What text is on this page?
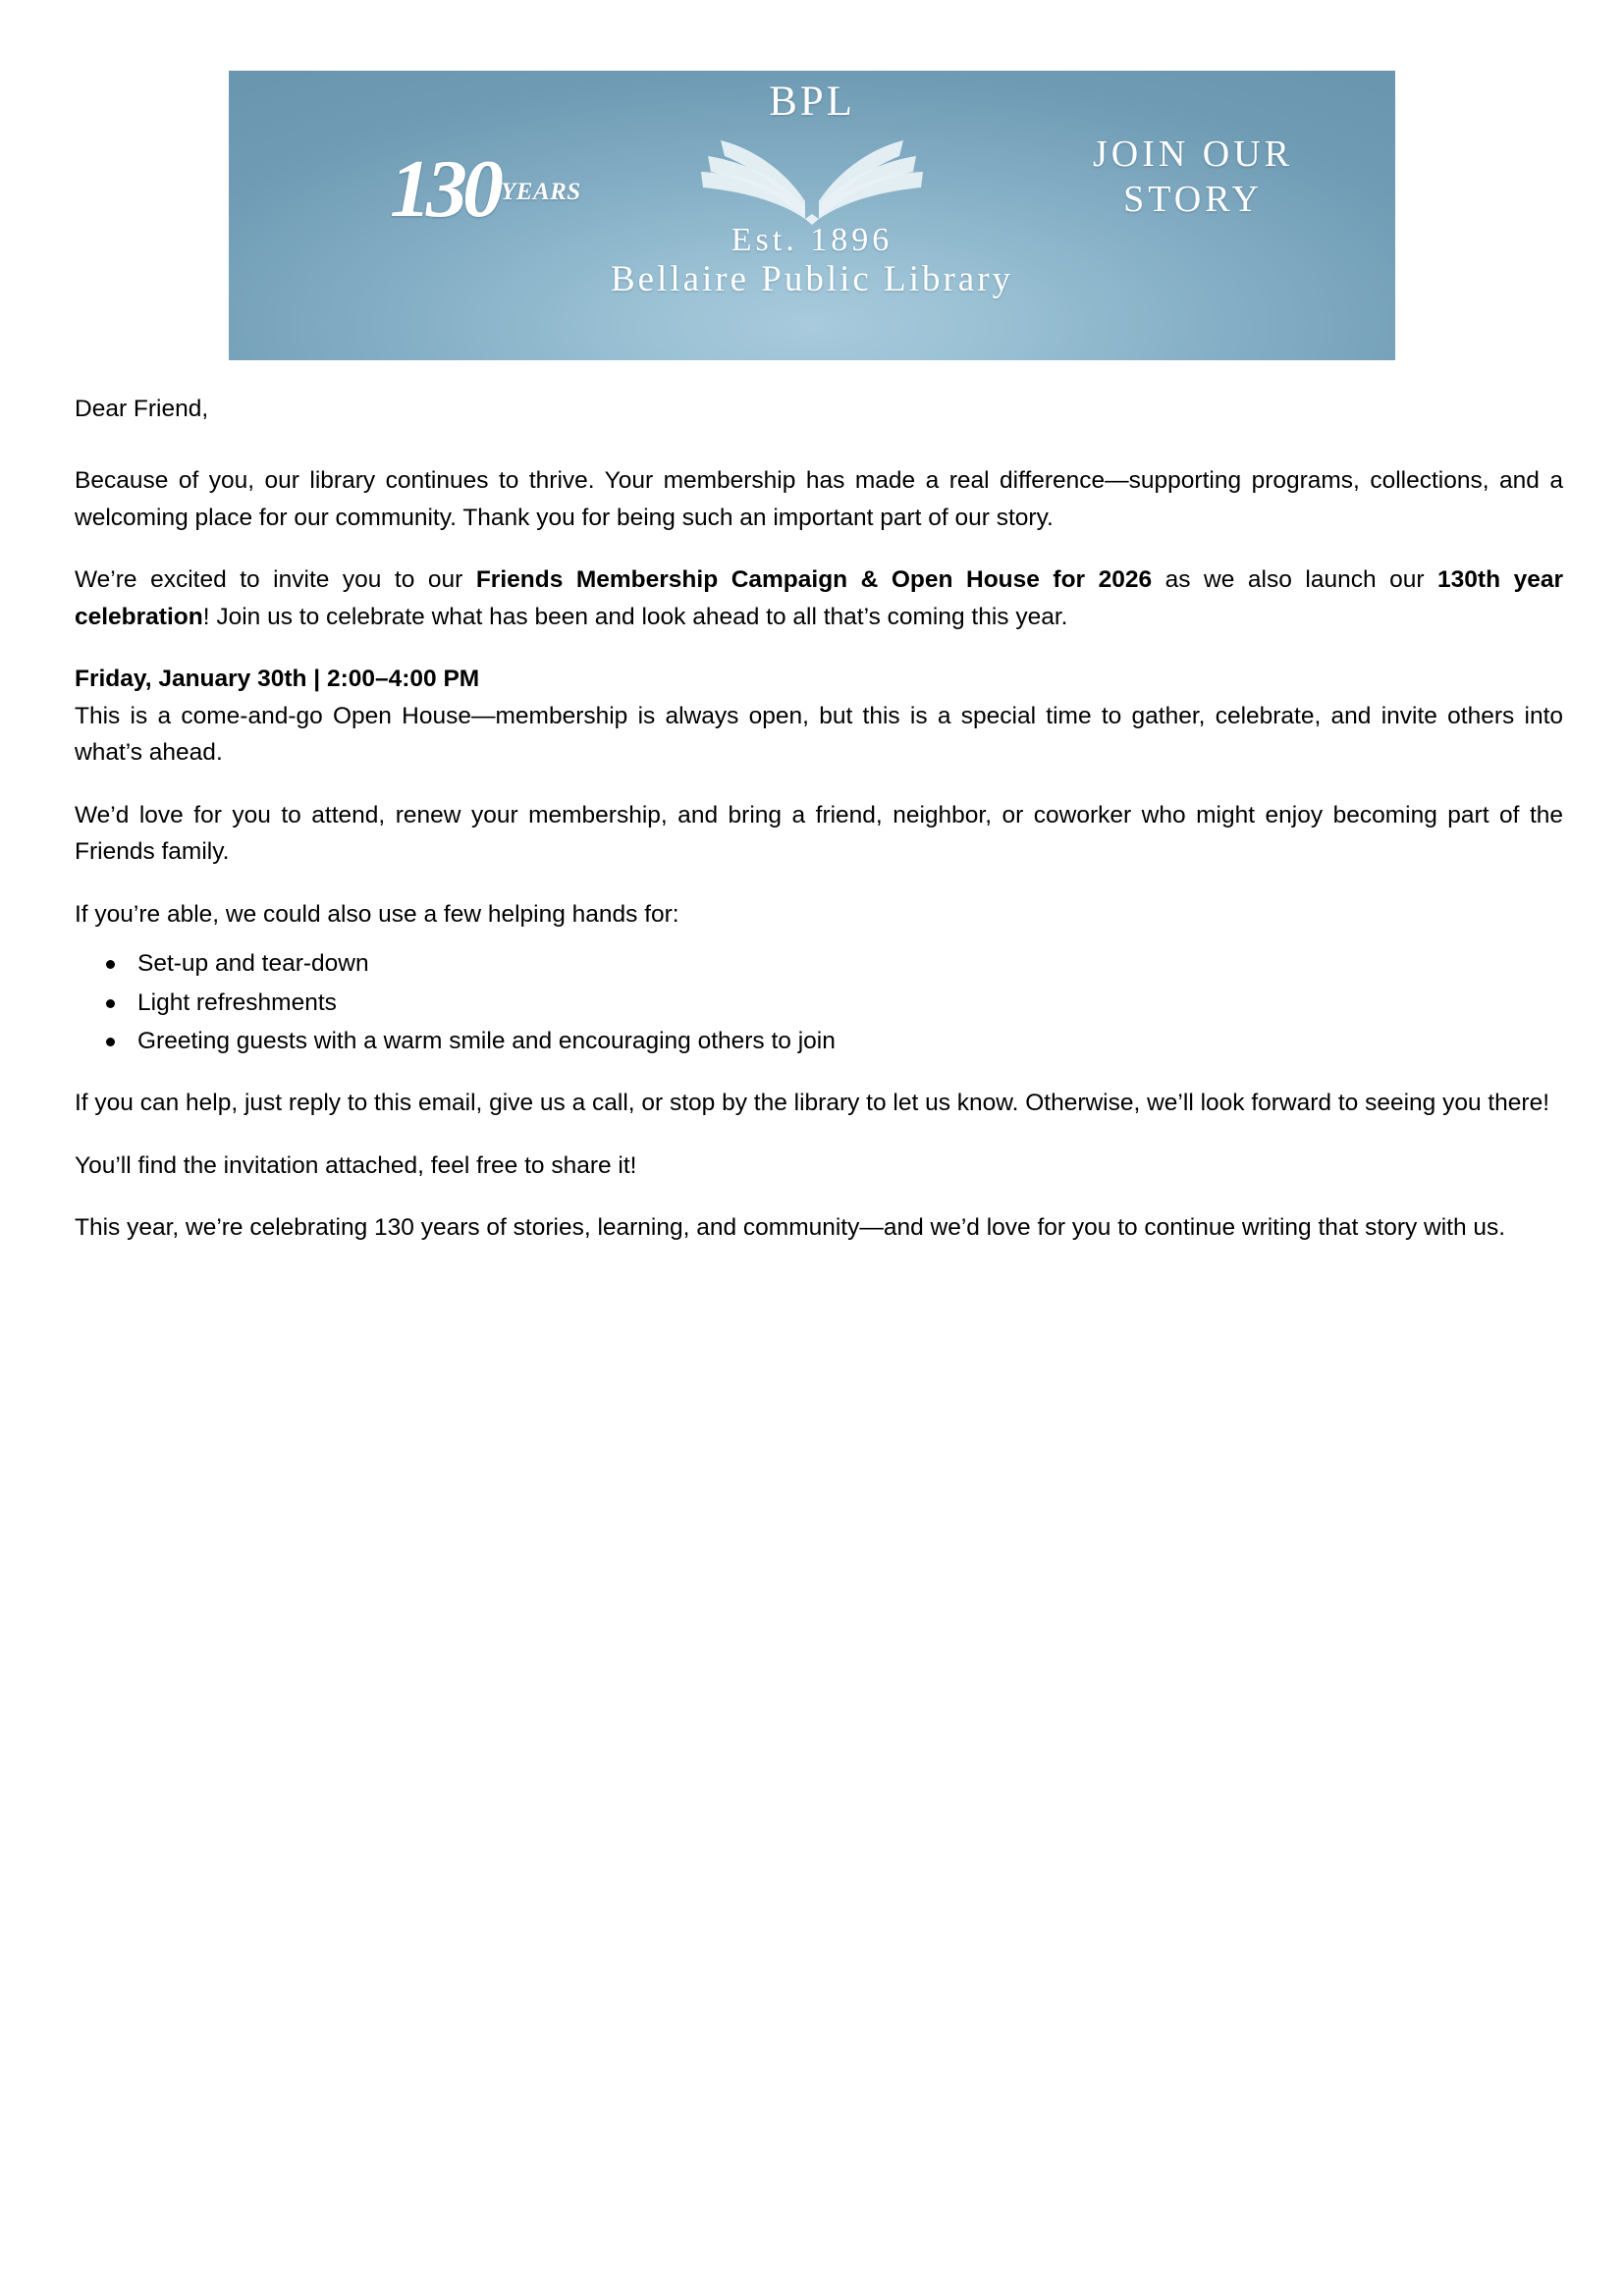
130 YEARS
BPL
Est. 1896
Bellaire Public Library
JOIN OUR
STORY

Dear Friend,

Because of you, our library continues to thrive. Your membership has made a real difference—supporting programs, collections, and a welcoming place for our community. Thank you for being such an important part of our story.

We’re excited to invite you to our Friends Membership Campaign & Open House for 2026 as we also launch our 130th year celebration! Join us to celebrate what has been and look ahead to all that’s coming this year.

Friday, January 30th | 2:00–4:00 PM

This is a come-and-go Open House—membership is always open, but this is a special time to gather, celebrate, and invite others into what’s ahead.

We’d love for you to attend, renew your membership, and bring a friend, neighbor, or coworker who might enjoy becoming part of the Friends family.

If you’re able, we could also use a few helping hands for:

Set-up and tear-down
Light refreshments
Greeting guests with a warm smile and encouraging others to join

If you can help, just reply to this email, give us a call, or stop by the library to let us know. Otherwise, we’ll look forward to seeing you there!

You’ll find the invitation attached, feel free to share it!

This year, we’re celebrating 130 years of stories, learning, and community—and we’d love for you to continue writing that story with us.
